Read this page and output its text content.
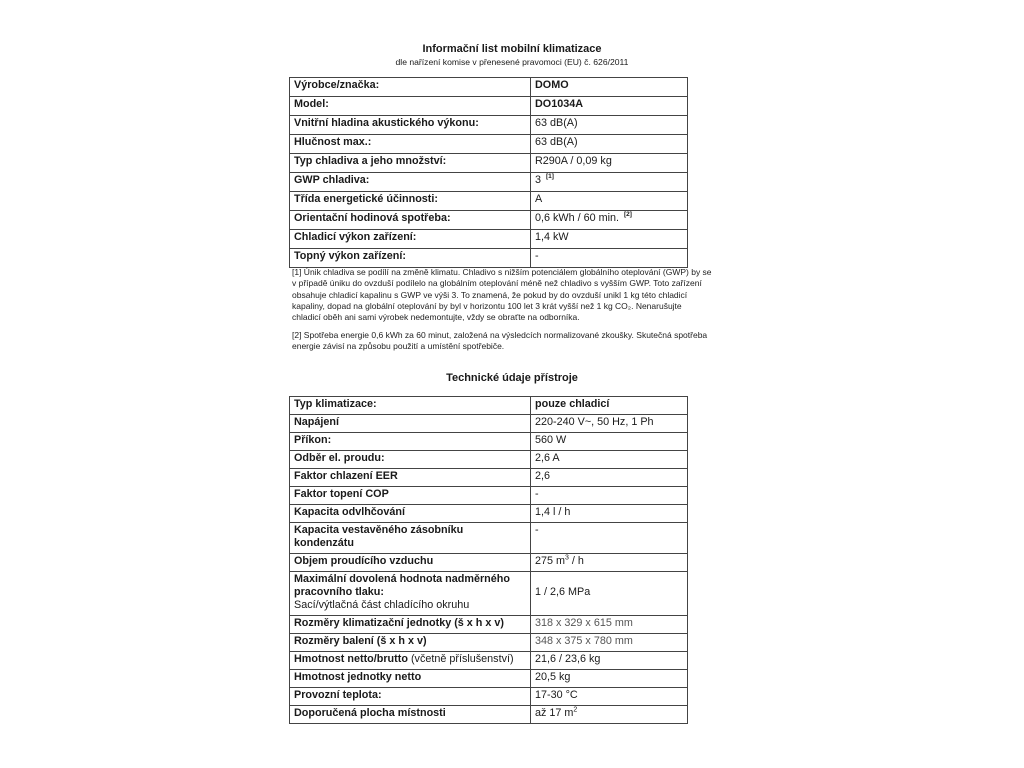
Informační list mobilní klimatizace
dle nařízení komise v přenesené pravomoci (EU) č. 626/2011
Výrobce/značka:	DOMO
Model:	DO1034A
Vnitřní hladina akustického výkonu:	63 dB(A)
Hlučnost max.:	63 dB(A)
Typ chladiva a jeho množství:	R290A / 0,09 kg
GWP chladiva:	3 [1]
Třída energetické účinnosti:	A
Orientační hodinová spotřeba:	0,6 kWh / 60 min. [2]
Chladicí výkon zařízení:	1,4 kW
Topný výkon zařízení:	-

[1] Únik chladiva se podílí na změně klimatu. Chladivo s nižším potenciálem globálního oteplování (GWP) by se v případě úniku do ovzduší podílelo na globálním oteplování méně než chladivo s vyšším GWP. Toto zařízení obsahuje chladicí kapalinu s GWP ve výši 3. To znamená, že pokud by do ovzduší unikl 1 kg této chladicí kapaliny, dopad na globální oteplování by byl v horizontu 100 let 3 krát vyšší než 1 kg CO₂. Nenarušujte chladicí oběh ani sami výrobek nedemontujte, vždy se obraťte na odborníka.

[2] Spotřeba energie 0,6 kWh za 60 minut, založená na výsledcích normalizované zkoušky. Skutečná spotřeba energie závisí na způsobu použití a umístění spotřebiče.

Technické údaje přístroje
Typ klimatizace:	pouze chladicí
Napájení	220-240 V~, 50 Hz, 1 Ph
Příkon:	560 W
Odběr el. proudu:	2,6 A
Faktor chlazení EER	2,6
Faktor topení COP	-
Kapacita odvlhčování	1,4 l / h
Kapacita vestavěného zásobníku kondenzátu	-
Objem proudícího vzduchu	275 $m^3$ / h
Maximální dovolená hodnota nadměrného pracovního tlaku:
Sací/výtlačná část chladícího okruhu	1 / 2,6 MPa

Rozměry klimatizační jednotky (š x h x v)	318 x 329 x 615 mm
Rozměry balení (š x h x v)	348 x 375 x 780 mm
Hmotnost netto/brutto (včetně příslušenství)	21,6 / 23,6 kg
Hmotnost jednotky netto	20,5 kg
Provozní teplota:	17-30 °C
Doporučená plocha místnosti	až 17 $m^2$
